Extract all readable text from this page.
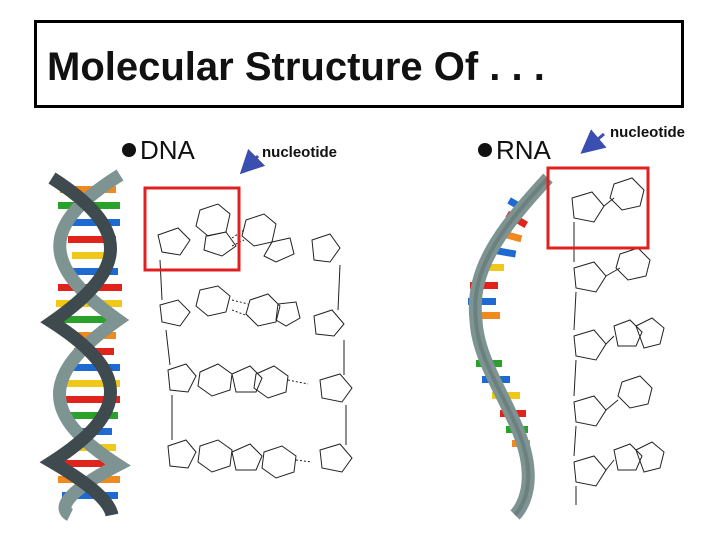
Molecular Structure Of . . .
DNA	RNA
nucleotide
nucleotide
